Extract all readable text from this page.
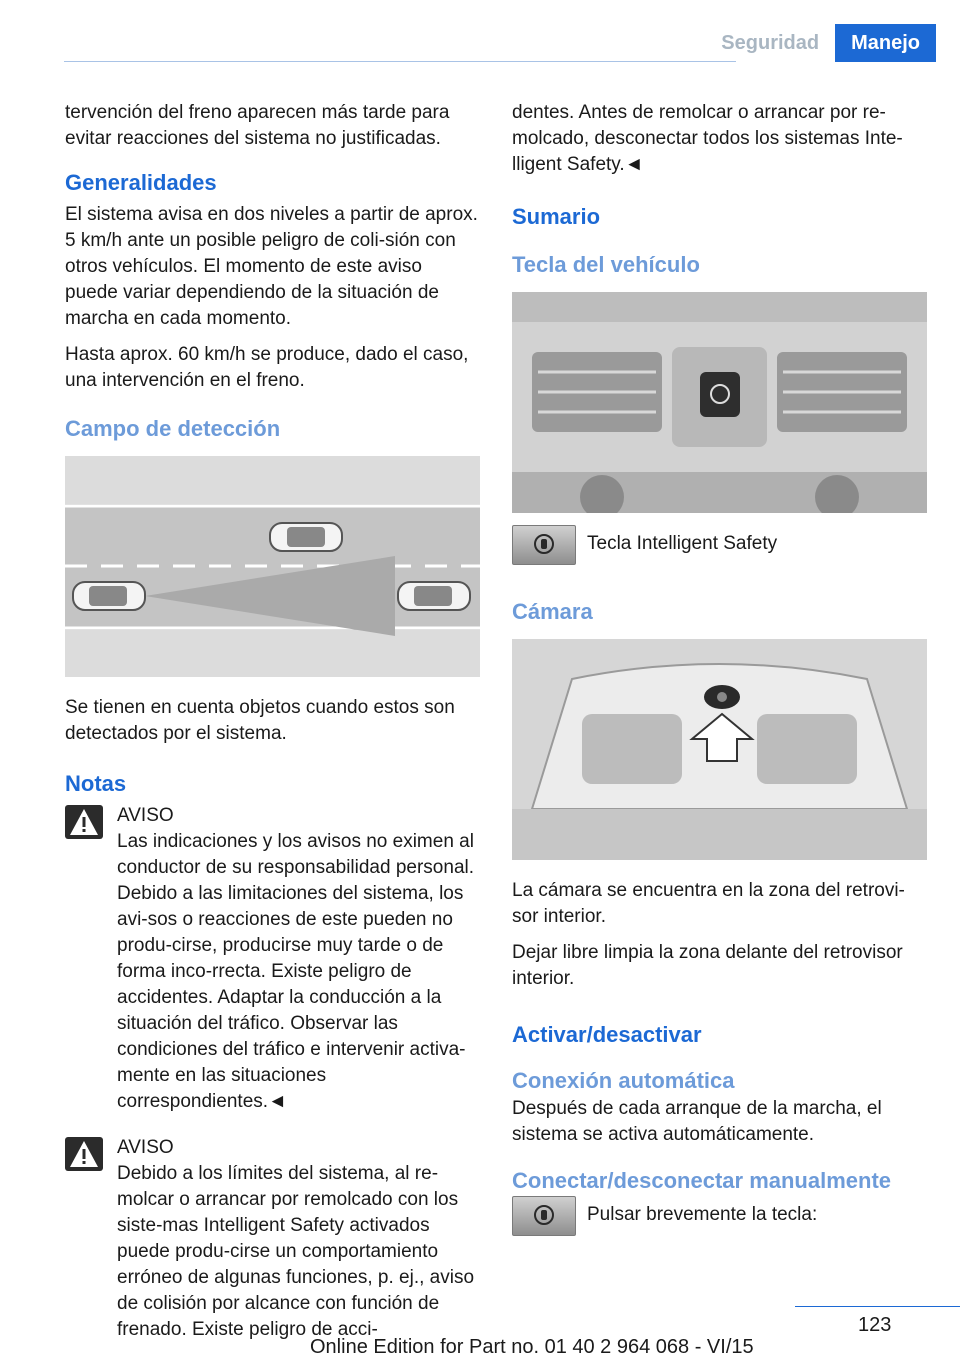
Seguridad	Manejo

tervención del freno aparecen más tarde para evitar reacciones del sistema no justificadas.

Generalidades

El sistema avisa en dos niveles a partir de aprox. 5 km/h ante un posible peligro de coli‐sión con otros vehículos. El momento de este aviso puede variar dependiendo de la situación de marcha en cada momento.

Hasta aprox. 60 km/h se produce, dado el caso, una intervención en el freno.

Campo de detección

Se tienen en cuenta objetos cuando estos son detectados por el sistema.

Notas

AVISO

Las indicaciones y los avisos no eximen al conductor de su responsabilidad personal. Debido a las limitaciones del sistema, los avi‐sos o reacciones de este pueden no produ‐cirse, producirse muy tarde o de forma inco‐rrecta. Existe peligro de accidentes. Adaptar la conducción a la situación del tráfico. Observar las condiciones del tráfico e intervenir activa‐mente en las situaciones correspondientes.◄

AVISO

Debido a los límites del sistema, al re‐molcar o arrancar por remolcado con los siste‐mas Intelligent Safety activados puede produ‐cirse un comportamiento erróneo de algunas funciones, p. ej., aviso de colisión por alcance con función de frenado. Existe peligro de acci‐

dentes. Antes de remolcar o arrancar por re‐molcado, desconectar todos los sistemas Inte‐lligent Safety.◄

Sumario
Tecla del vehículo

Tecla Intelligent Safety

Cámara

La cámara se encuentra en la zona del retrovi‐sor interior.

Dejar libre limpia la zona delante del retrovisor interior.

Activar/desactivar
Conexión automática

Después de cada arranque de la marcha, el sistema se activa automáticamente.

Conectar/desconectar manualmente

Pulsar brevemente la tecla:

123
Online Edition for Part no. 01 40 2 964 068 - VI/15
